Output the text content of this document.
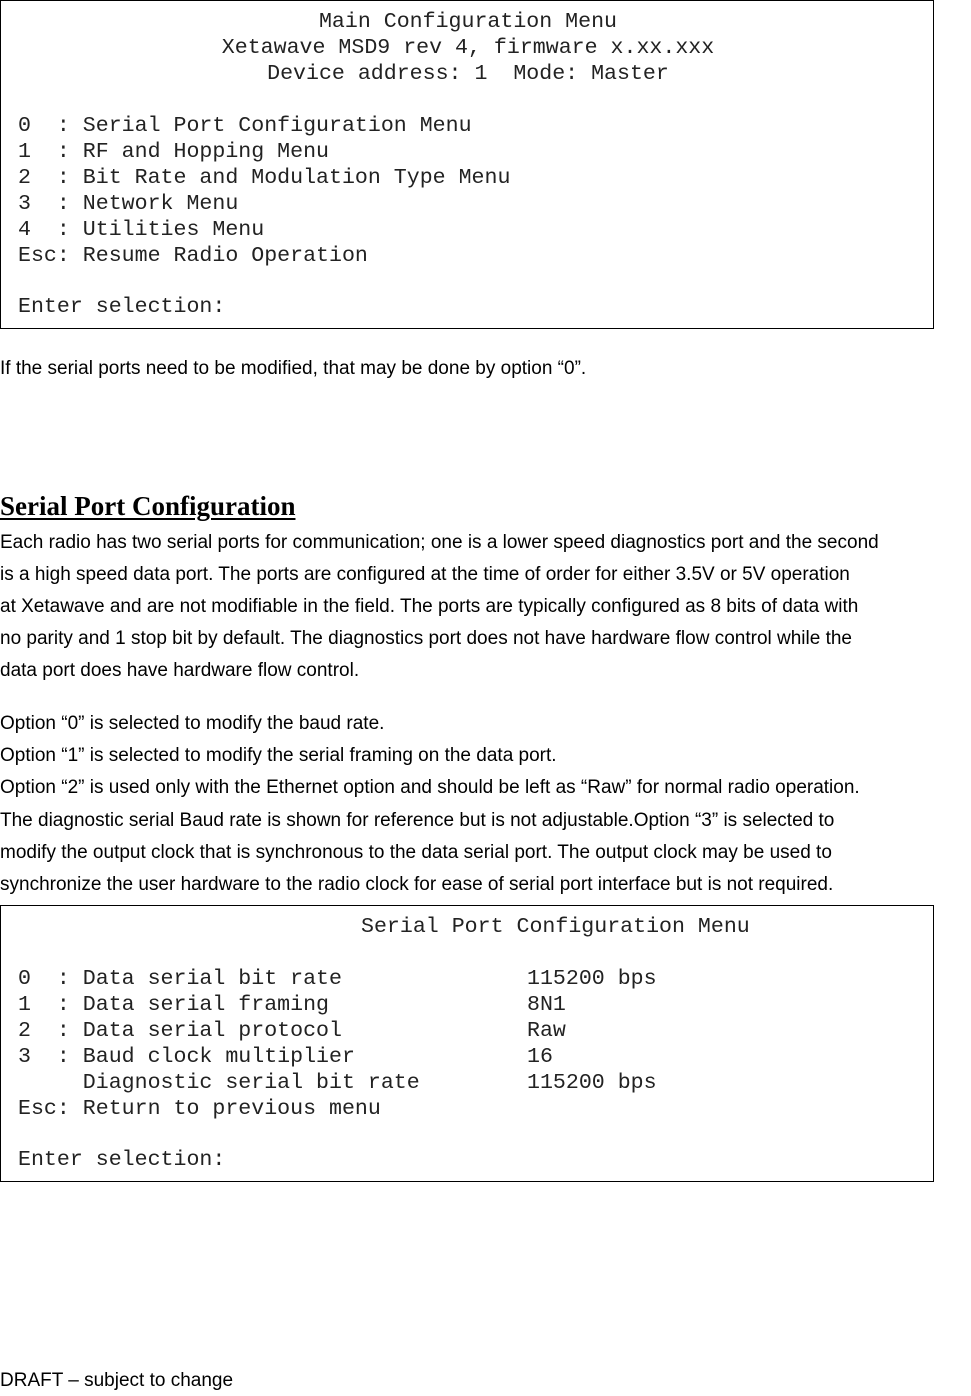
Main Configuration Menu
Xetawave MSD9 rev 4, firmware x.xx.xxx
Device address: 1  Mode: Master
0  : Serial Port Configuration Menu
1  : RF and Hopping Menu
2  : Bit Rate and Modulation Type Menu
3  : Network Menu
4  : Utilities Menu
Esc: Resume Radio Operation
Enter selection:
If the serial ports need to be modified, that may be done by option “0”.
Serial Port Configuration
Each radio has two serial ports for communication; one is a lower speed diagnostics port and the second
is a high speed data port. The ports are configured at the time of order for either 3.5V or 5V operation
at Xetawave and are not modifiable in the field. The ports are typically configured as 8 bits of data with
no parity and 1 stop bit by default. The diagnostics port does not have hardware flow control while the
data port does have hardware flow control.
Option “0” is selected to modify the baud rate.
Option “1” is selected to modify the serial framing on the data port.
Option “2” is used only with the Ethernet option and should be left as “Raw” for normal radio operation.
The diagnostic serial Baud rate is shown for reference but is not adjustable.Option “3” is selected to
modify the output clock that is synchronous to the data serial port. The output clock may be used to
synchronize the user hardware to the radio clock for ease of serial port interface but is not required.
Serial Port Configuration Menu
0  : Data serial bit rate	115200 bps
1  : Data serial framing	8N1
2  : Data serial protocol	Raw
3  : Baud clock multiplier	16
Diagnostic serial bit rate	115200 bps
Esc: Return to previous menu
Enter selection:
DRAFT – subject to change
